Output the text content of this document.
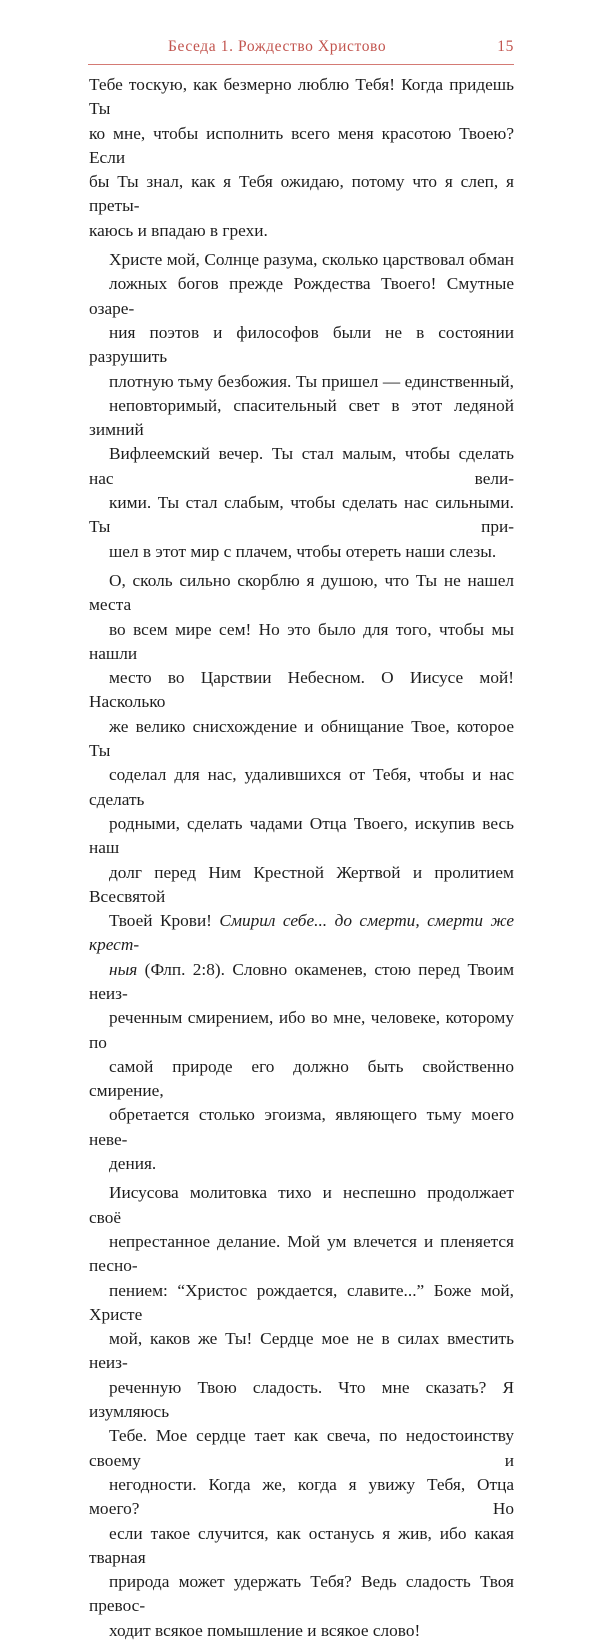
Беседа 1. Рождество Христово	15

Тебе тоскую, как безмерно люблю Тебя! Когда придешь Ты
ко мне, чтобы исполнить всего меня красотою Твоею? Если
бы Ты знал, как я Тебя ожидаю, потому что я слеп, я преты-
каюсь и впадаю в грехи.

Христе мой, Солнце разума, сколько царствовал обман
ложных богов прежде Рождества Твоего! Смутные озаре-
ния поэтов и философов были не в состоянии разрушить
плотную тьму безбожия. Ты пришел — единственный,
неповторимый, спасительный свет в этот ледяной зимний
Вифлеемский вечер. Ты стал малым, чтобы сделать нас вели-
кими. Ты стал слабым, чтобы сделать нас сильными. Ты при-
шел в этот мир с плачем, чтобы отереть наши слезы.

О, сколь сильно скорблю я душою, что Ты не нашел места
во всем мире сем! Но это было для того, чтобы мы нашли
место во Царствии Небесном. О Иисусе мой! Насколько
же велико снисхождение и обнищание Твое, которое Ты
соделал для нас, удалившихся от Тебя, чтобы и нас сделать
родными, сделать чадами Отца Твоего, искупив весь наш
долг перед Ним Крестной Жертвой и пролитием Всесвятой
Твоей Крови! Смирил себе... до смерти, смерти же крест-
ныя (Флп. 2:8). Словно окаменев, стою перед Твоим неиз-
реченным смирением, ибо во мне, человеке, которому по
самой природе его должно быть свойственно смирение,
обретается столько эгоизма, являющего тьму моего неве-
дения.

Иисусова молитовка тихо и неспешно продолжает своё
непрестанное делание. Мой ум влечется и пленяется песно-
пением: “Христос рождается, славите...” Боже мой, Христе
мой, каков же Ты! Сердце мое не в силах вместить неиз-
реченную Твою сладость. Что мне сказать? Я изумляюсь
Тебе. Мое сердце тает как свеча, по недостоинству своему и
негодности. Когда же, когда я увижу Тебя, Отца моего? Но
если такое случится, как останусь я жив, ибо какая тварная
природа может удержать Тебя? Ведь сладость Твоя превос-
ходит всякое помышление и всякое слово!
